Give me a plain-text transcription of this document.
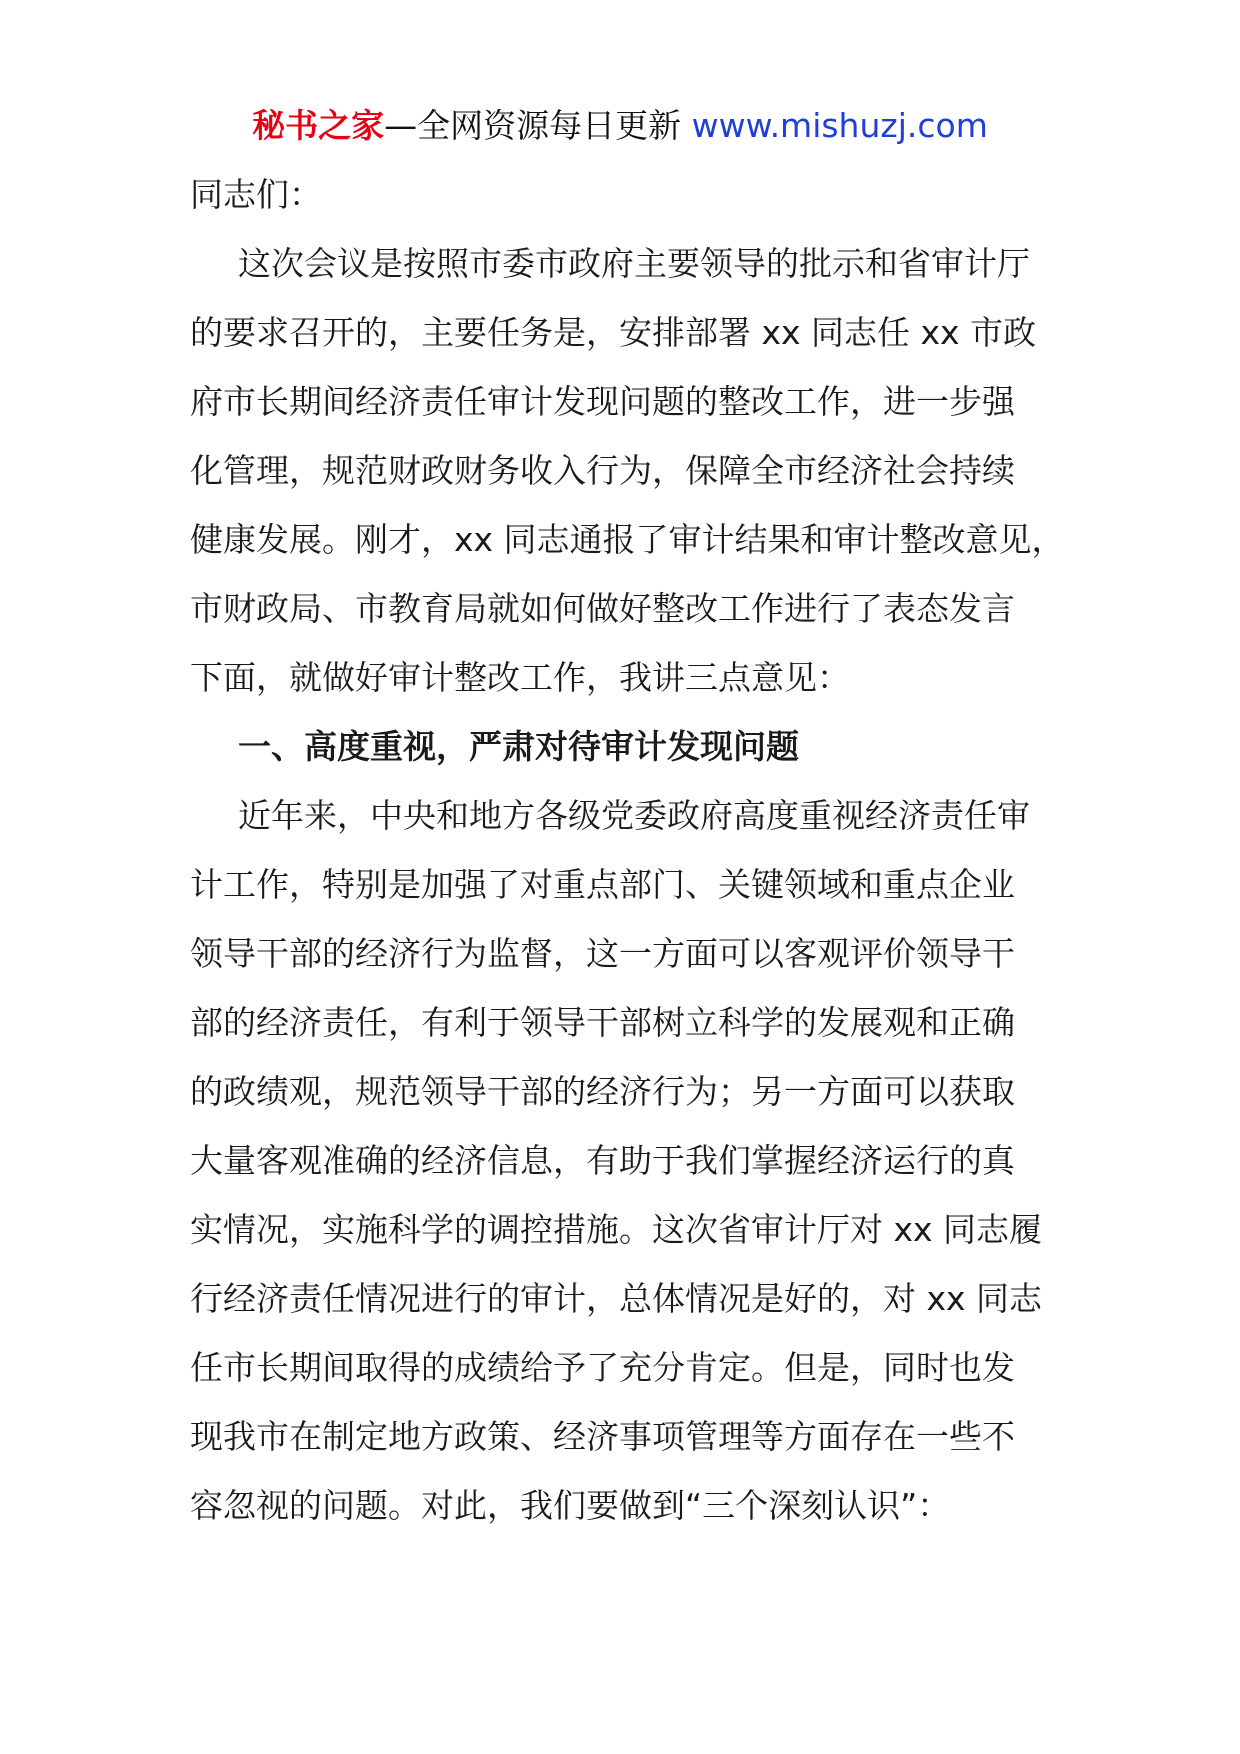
秘书之家—全网资源每日更新 www.mishuzj.com
同志们：
这次会议是按照市委市政府主要领导的批示和省审计厅
的要求召开的，主要任务是，安排部署 xx 同志任 xx 市政
府市长期间经济责任审计发现问题的整改工作，进一步强
化管理，规范财政财务收入行为，保障全市经济社会持续
健康发展。刚才，xx 同志通报了审计结果和审计整改意见，
市财政局、市教育局就如何做好整改工作进行了表态发言
下面，就做好审计整改工作，我讲三点意见：
一、高度重视，严肃对待审计发现问题
近年来，中央和地方各级党委政府高度重视经济责任审
计工作，特别是加强了对重点部门、关键领域和重点企业
领导干部的经济行为监督，这一方面可以客观评价领导干
部的经济责任，有利于领导干部树立科学的发展观和正确
的政绩观，规范领导干部的经济行为；另一方面可以获取
大量客观准确的经济信息，有助于我们掌握经济运行的真
实情况，实施科学的调控措施。这次省审计厅对 xx 同志履
行经济责任情况进行的审计，总体情况是好的，对 xx 同志
任市长期间取得的成绩给予了充分肯定。但是，同时也发
现我市在制定地方政策、经济事项管理等方面存在一些不
容忽视的问题。对此，我们要做到“三个深刻认识”：
